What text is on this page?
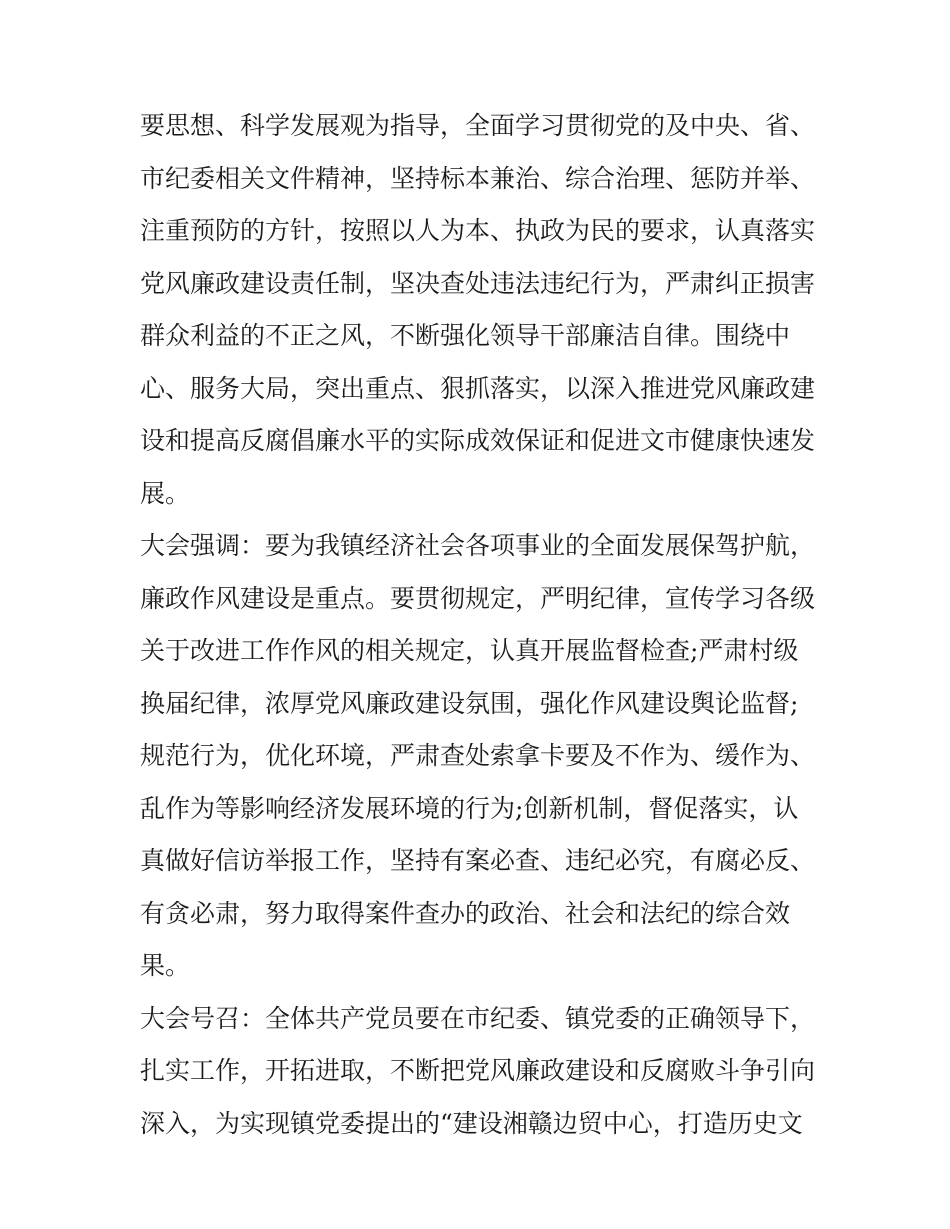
要思想、科学发展观为指导，全面学习贯彻党的及中央、省、
市纪委相关文件精神，坚持标本兼治、综合治理、惩防并举、
注重预防的方针，按照以人为本、执政为民的要求，认真落实
党风廉政建设责任制，坚决查处违法违纪行为，严肃纠正损害
群众利益的不正之风，不断强化领导干部廉洁自律。围绕中
心、服务大局，突出重点、狠抓落实，以深入推进党风廉政建
设和提高反腐倡廉水平的实际成效保证和促进文市健康快速发
展。
大会强调：要为我镇经济社会各项事业的全面发展保驾护航，
廉政作风建设是重点。要贯彻规定，严明纪律，宣传学习各级
关于改进工作作风的相关规定，认真开展监督检查;严肃村级
换届纪律，浓厚党风廉政建设氛围，强化作风建设舆论监督;
规范行为，优化环境，严肃查处索拿卡要及不作为、缓作为、
乱作为等影响经济发展环境的行为;创新机制，督促落实，认
真做好信访举报工作，坚持有案必查、违纪必究，有腐必反、
有贪必肃，努力取得案件查办的政治、社会和法纪的综合效
果。
大会号召：全体共产党员要在市纪委、镇党委的正确领导下，
扎实工作，开拓进取，不断把党风廉政建设和反腐败斗争引向
深入，为实现镇党委提出的“建设湘赣边贸中心，打造历史文
